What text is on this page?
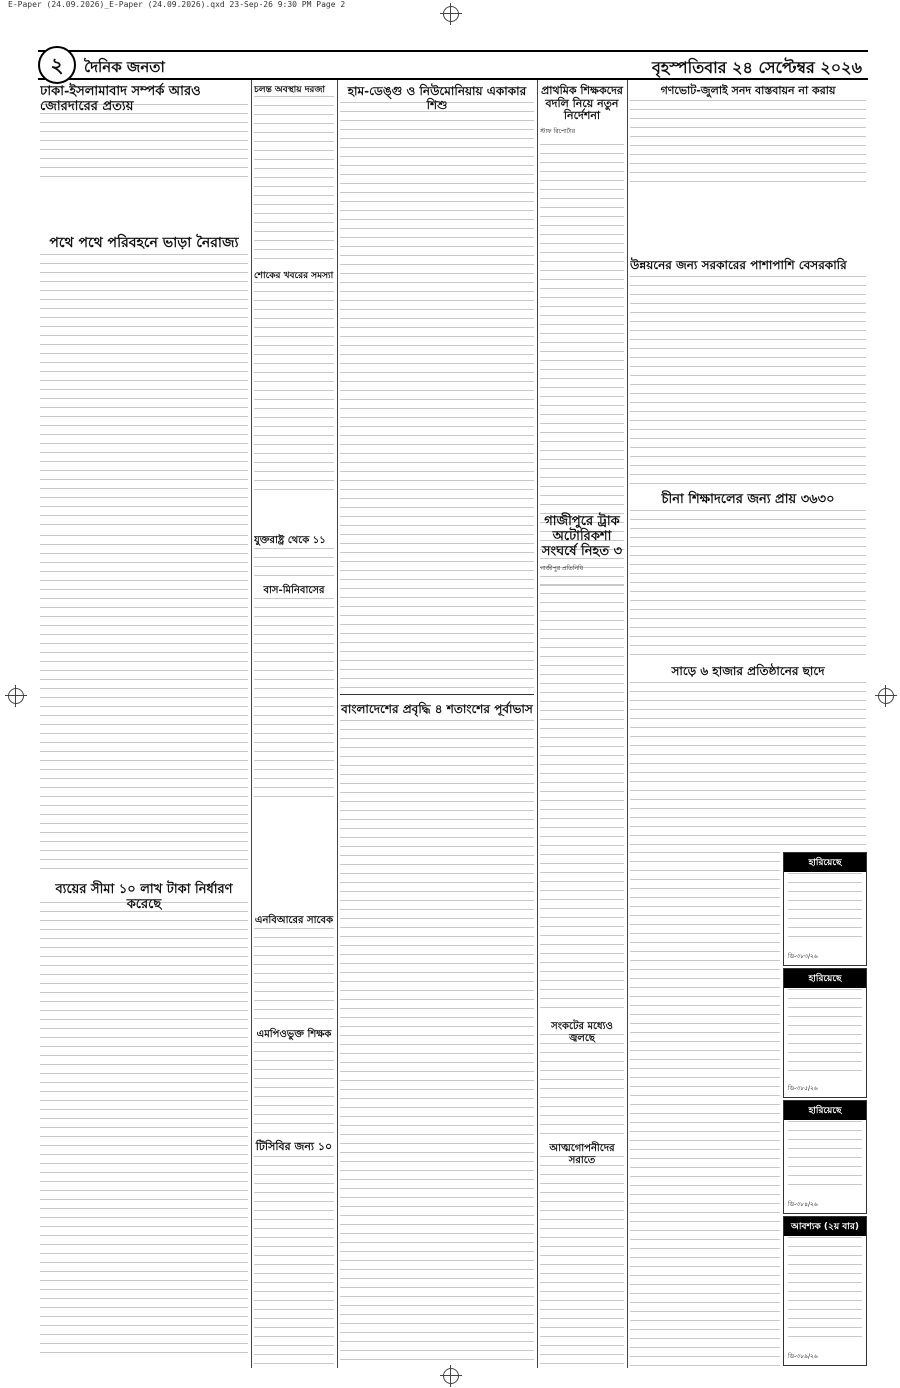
E-Paper (24.09.2026)_E-Paper (24.09.2026).qxd 23-Sep-26 9:30 PM Page 2
২	দৈনিক জনতা	বৃহস্পতিবার ২৪ সেপ্টেম্বর ২০২৬
ঢাকা-ইসলামাবাদ সম্পর্ক আরও জোরদারের প্রত্যয়
পথে পথে পরিবহনে ভাড়া নৈরাজ্য
ব্যয়ের সীমা ১০ লাখ টাকা নির্ধারণ করেছে
চলন্ত অবস্থায় দরজা
শোকের খবরের সমস্যা
যুক্তরাষ্ট্র থেকে ১১
বাস-মিনিবাসের
এনবিআরের সাবেক
এমপিওভুক্ত শিক্ষক
টিসিবির জন্য ১০
হাম-ডেঙ্গু ও নিউমোনিয়ায় একাকার শিশু
বাংলাদেশের প্রবৃদ্ধি ৪ শতাংশের পূর্বাভাস
প্রাথমিক শিক্ষকদের বদলি নিয়ে নতুন নির্দেশনা
স্টাফ রিপোর্টার
গাজীপুরে ট্রাক অটোরিকশা সংঘর্ষে নিহত ৩
গাজীপুর প্রতিনিধি
সংকটের মধ্যেও জ্বলছে
আত্মগোপনীদের সরাতে
গণভোট-জুলাই সনদ বাস্তবায়ন না করায়
উন্নয়নের জন্য সরকারের পাশাপাশি বেসরকারি
চীনা শিক্ষাদলের জন্য প্রায় ৩৬৩০
সাড়ে ৬ হাজার প্রতিষ্ঠানের ছাদে
হারিয়েছে
ডি-৩৮৩/২৬
হারিয়েছে
ডি-৩৮৫/২৬
হারিয়েছে
ডি-৩৮৪/২৬
আবশ্যক (২য় বার)
ডি-৩৮৯/২৬
